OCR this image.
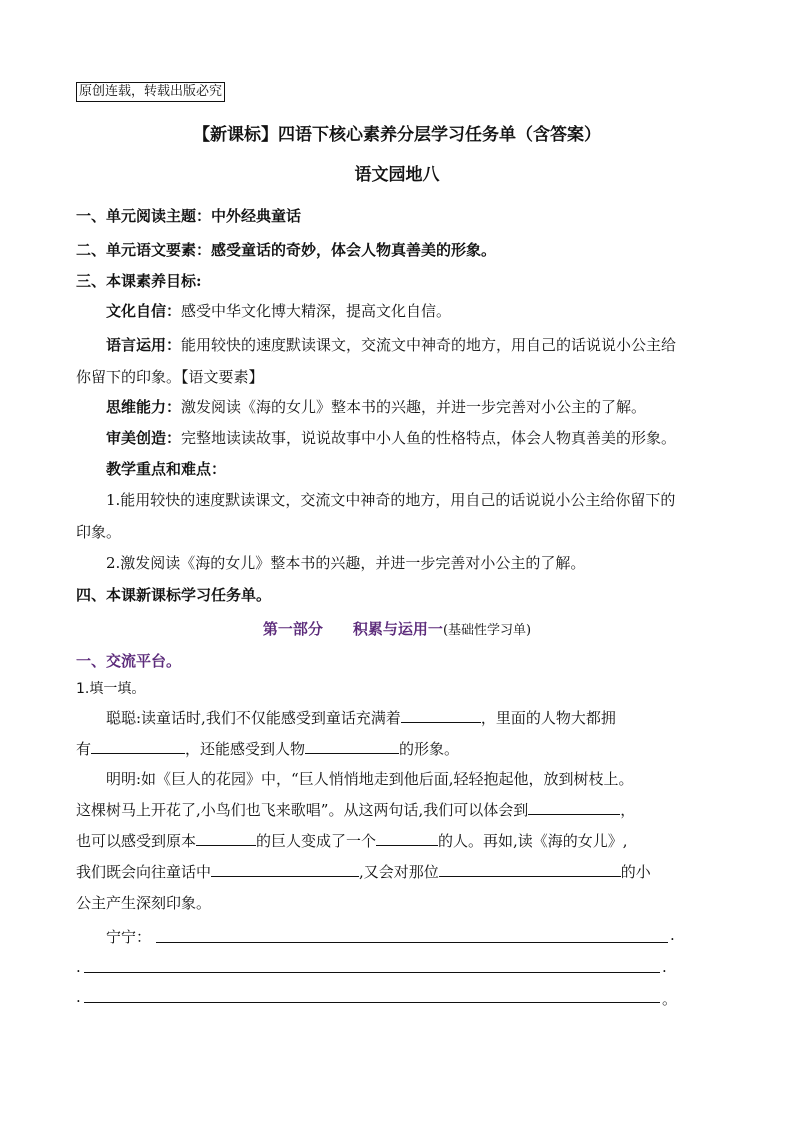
原创连载，转载出版必究
【新课标】四语下核心素养分层学习任务单（含答案）
语文园地八
一、单元阅读主题：中外经典童话
二、单元语文要素：感受童话的奇妙，体会人物真善美的形象。
三、本课素养目标:
文化自信：感受中华文化博大精深，提高文化自信。
语言运用：能用较快的速度默读课文，交流文中神奇的地方，用自己的话说说小公主给
你留下的印象。【语文要素】
思维能力：激发阅读《海的女儿》整本书的兴趣，并进一步完善对小公主的了解。
审美创造：完整地读读故事，说说故事中小人鱼的性格特点，体会人物真善美的形象。
教学重点和难点：
1.能用较快的速度默读课文，交流文中神奇的地方，用自己的话说说小公主给你留下的
印象。
2.激发阅读《海的女儿》整本书的兴趣，并进一步完善对小公主的了解。
四、本课新课标学习任务单。
第一部分 积累与运用一(基础性学习单)
一、交流平台。
1.填一填。
聪聪:读童话时,我们不仅能感受到童话充满着	，里面的人物大都拥
有	，还能感受到人物	的形象。
明明:如《巨人的花园》中，“巨人悄悄地走到他后面,轻轻抱起他，放到树枝上。
这棵树马上开花了,小鸟们也飞来歌唱”。从这两句话,我们可以体会到	，
也可以感受到原本	的巨人变成了一个	的人。再如,读《海的女儿》,
我们既会向往童话中	,又会对那位	的小
公主产生深刻印象。
宁宁：	.
.	.
.	。
